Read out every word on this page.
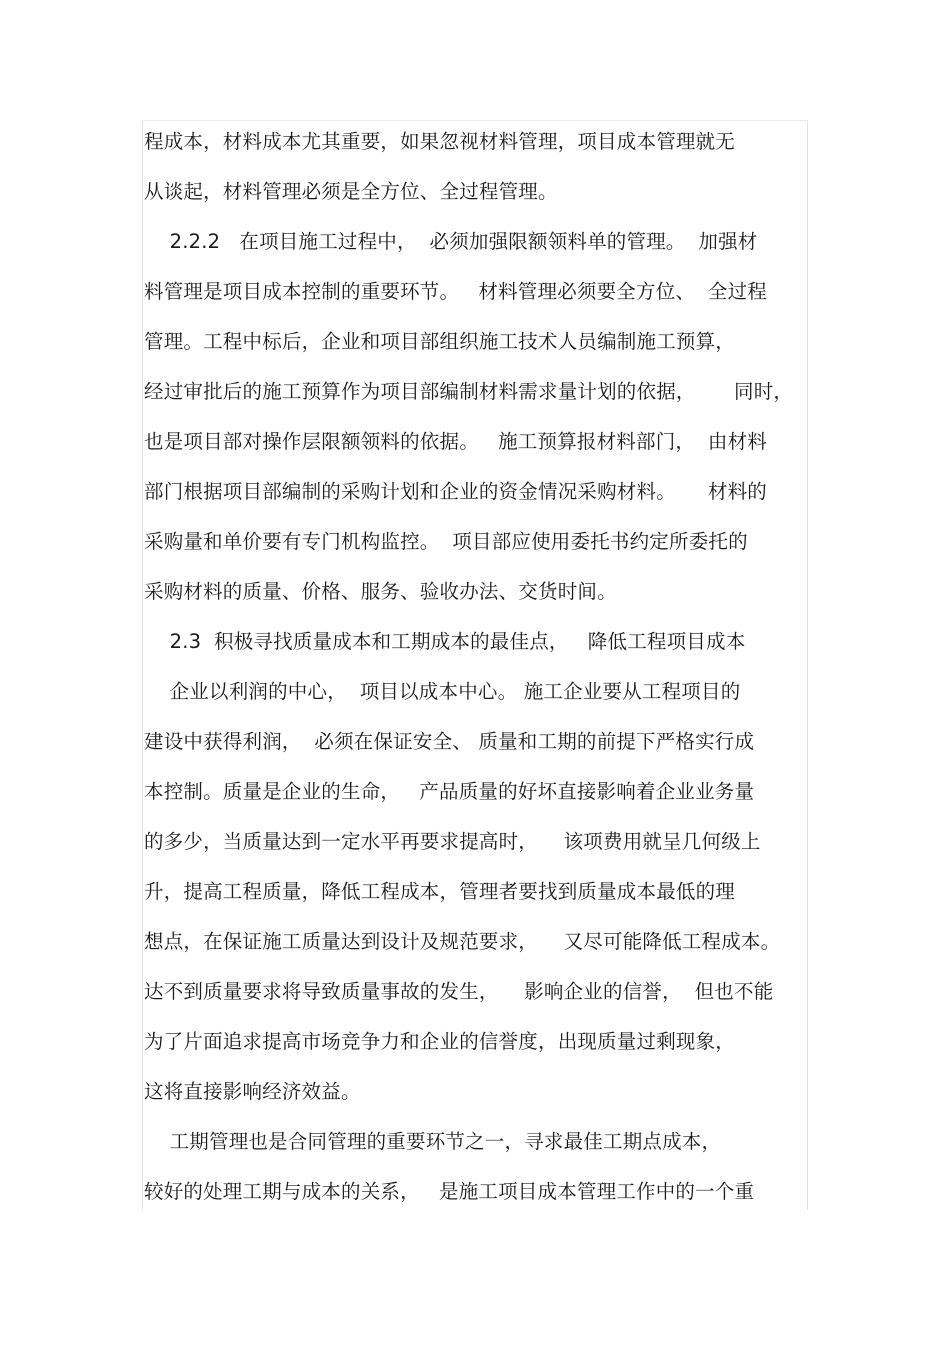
程成本，材料成本尤其重要，如果忽视材料管理，项目成本管理就无
从谈起，材料管理必须是全方位、全过程管理。
2.2.2   在项目施工过程中，  必须加强限额领料单的管理。  加强材
料管理是项目成本控制的重要环节。   材料管理必须要全方位、  全过程
管理。工程中标后，企业和项目部组织施工技术人员编制施工预算，
经过审批后的施工预算作为项目部编制材料需求量计划的依据，      同时，
也是项目部对操作层限额领料的依据。   施工预算报材料部门，  由材料
部门根据项目部编制的采购计划和企业的资金情况采购材料。     材料的
采购量和单价要有专门机构监控。  项目部应使用委托书约定所委托的
采购材料的质量、价格、服务、验收办法、交货时间。
2.3  积极寻找质量成本和工期成本的最佳点，   降低工程项目成本
企业以利润的中心，  项目以成本中心。 施工企业要从工程项目的
建设中获得利润，  必须在保证安全、 质量和工期的前提下严格实行成
本控制。质量是企业的生命，   产品质量的好坏直接影响着企业业务量
的多少，当质量达到一定水平再要求提高时，    该项费用就呈几何级上
升，提高工程质量，降低工程成本，管理者要找到质量成本最低的理
想点，在保证施工质量达到设计及规范要求，    又尽可能降低工程成本。
达不到质量要求将导致质量事故的发生，    影响企业的信誉，  但也不能
为了片面追求提高市场竞争力和企业的信誉度，出现质量过剩现象，
这将直接影响经济效益。
工期管理也是合同管理的重要环节之一，寻求最佳工期点成本，
较好的处理工期与成本的关系，   是施工项目成本管理工作中的一个重
